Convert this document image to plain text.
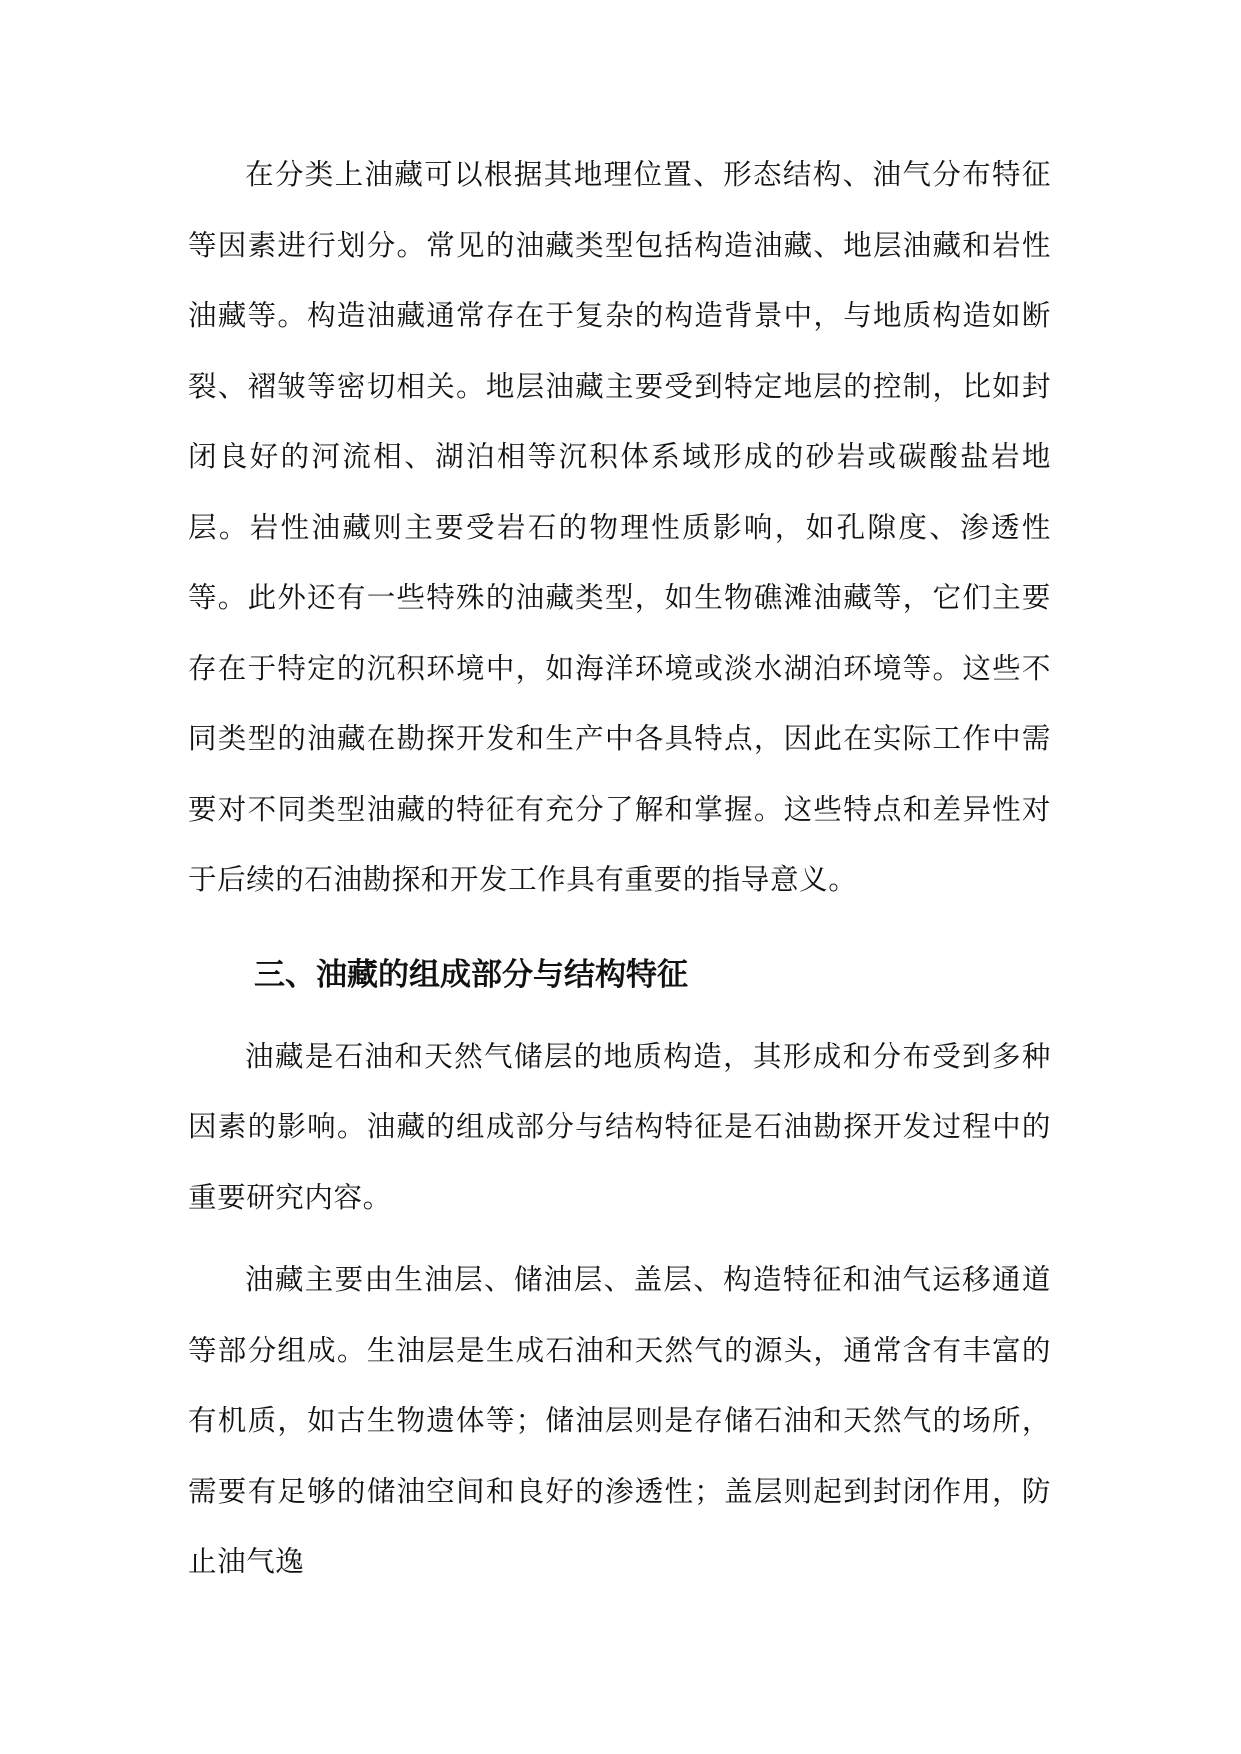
在分类上油藏可以根据其地理位置、形态结构、油气分布特征等因素进行划分。常见的油藏类型包括构造油藏、地层油藏和岩性油藏等。构造油藏通常存在于复杂的构造背景中，与地质构造如断裂、褶皱等密切相关。地层油藏主要受到特定地层的控制，比如封闭良好的河流相、湖泊相等沉积体系域形成的砂岩或碳酸盐岩地层。岩性油藏则主要受岩石的物理性质影响，如孔隙度、渗透性等。此外还有一些特殊的油藏类型，如生物礁滩油藏等，它们主要存在于特定的沉积环境中，如海洋环境或淡水湖泊环境等。这些不同类型的油藏在勘探开发和生产中各具特点，因此在实际工作中需要对不同类型油藏的特征有充分了解和掌握。这些特点和差异性对于后续的石油勘探和开发工作具有重要的指导意义。

三、油藏的组成部分与结构特征

油藏是石油和天然气储层的地质构造，其形成和分布受到多种因素的影响。油藏的组成部分与结构特征是石油勘探开发过程中的重要研究内容。

油藏主要由生油层、储油层、盖层、构造特征和油气运移通道等部分组成。生油层是生成石油和天然气的源头，通常含有丰富的有机质，如古生物遗体等；储油层则是存储石油和天然气的场所，需要有足够的储油空间和良好的渗透性；盖层则起到封闭作用，防止油气逸
